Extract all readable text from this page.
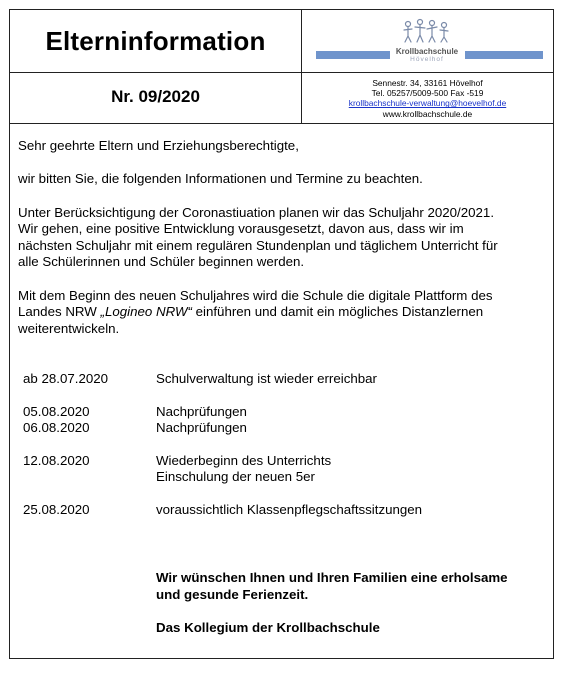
Elterninformation	Krollbachschule
Hövelhof
Nr. 09/2020
Sennestr. 34, 33161 Hövelhof
Tel. 05257/5009-500 Fax -519
krollbachschule-verwaltung@hoevelhof.de
www.krollbachschule.de
Sehr geehrte Eltern und Erziehungsberechtigte,
wir bitten Sie, die folgenden Informationen und Termine zu beachten.
Unter Berücksichtigung der Coronastiuation planen wir das Schuljahr 2020/2021.
Wir gehen, eine positive Entwicklung vorausgesetzt, davon aus, dass wir im
nächsten Schuljahr mit einem regulären Stundenplan und täglichem Unterricht für
alle Schülerinnen und Schüler beginnen werden.
Mit dem Beginn des neuen Schuljahres wird die Schule die digitale Plattform des
Landes NRW „Logineo NRW“ einführen und damit ein mögliches Distanzlernen
weiterentwickeln.
ab 28.07.2020	Schulverwaltung ist wieder erreichbar
05.08.2020	Nachprüfungen
06.08.2020	Nachprüfungen
12.08.2020	Wiederbeginn des Unterrichts
Einschulung der neuen 5er
25.08.2020	voraussichtlich Klassenpflegschaftssitzungen
Wir wünschen Ihnen und Ihren Familien eine erholsame
und gesunde Ferienzeit.
Das Kollegium der Krollbachschule
